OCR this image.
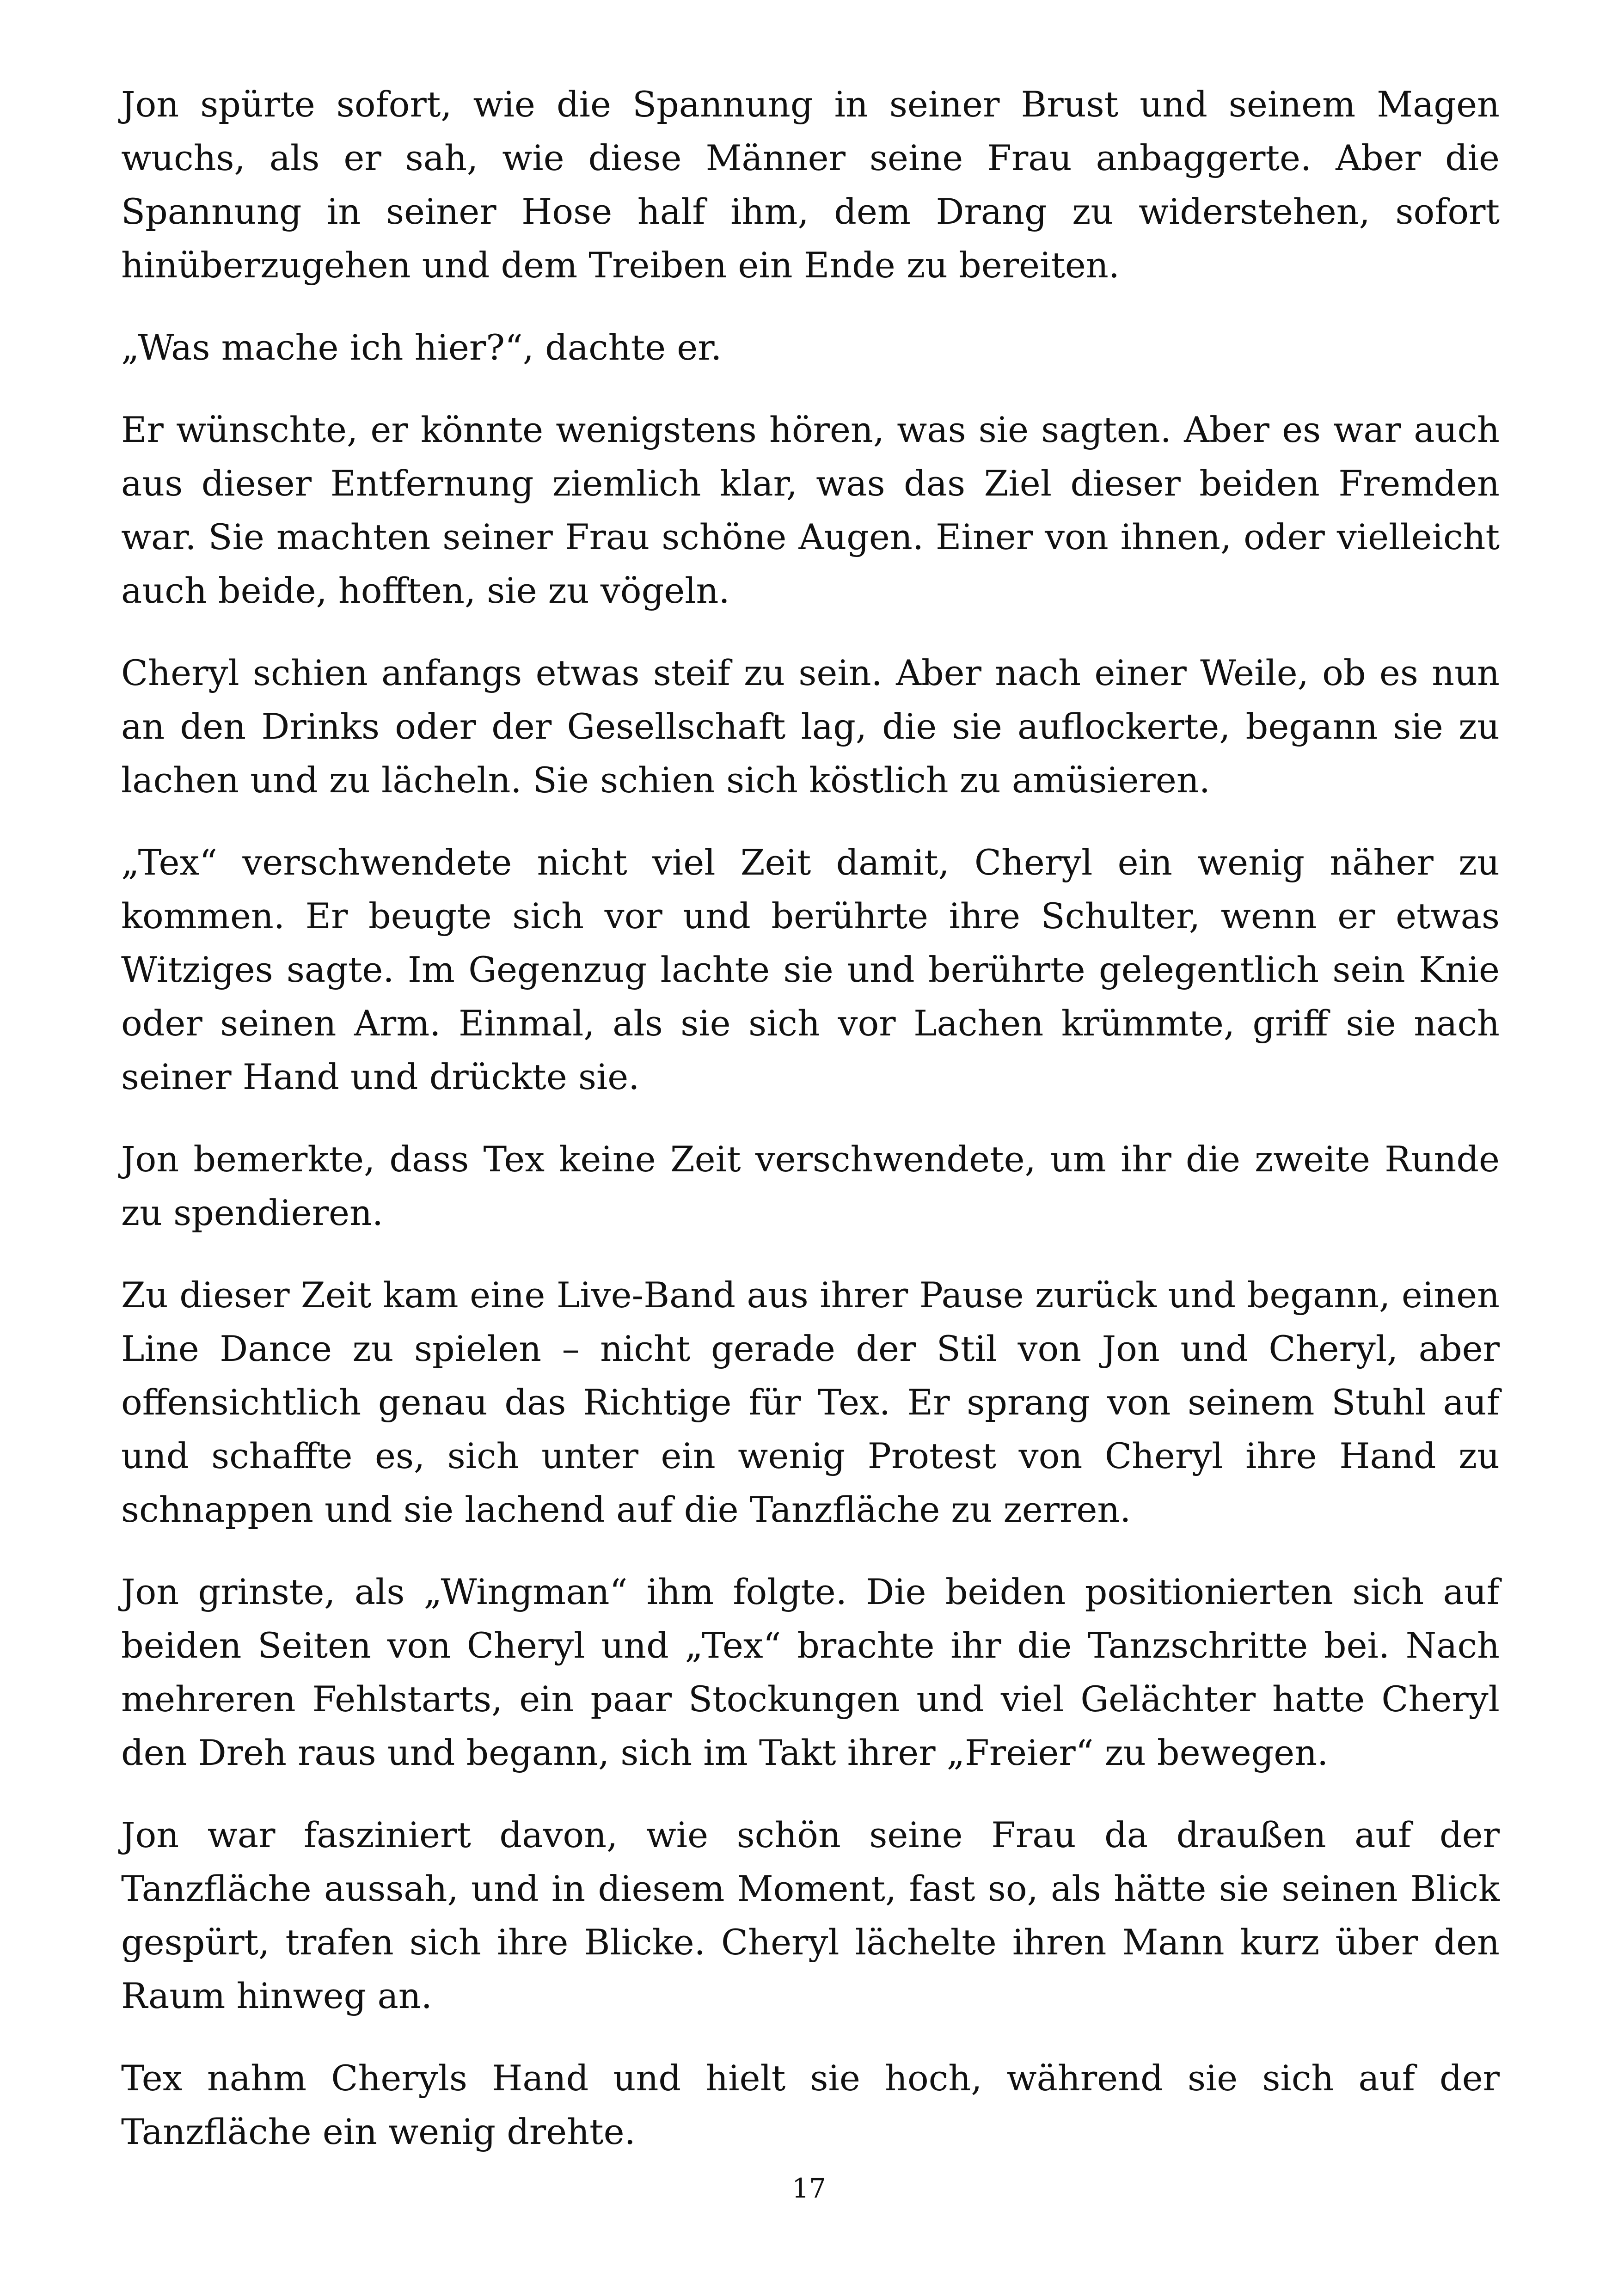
Jon spürte sofort, wie die Spannung in seiner Brust und seinem Magen wuchs, als er sah, wie diese Männer seine Frau anbaggerte. Aber die Spannung in seiner Hose half ihm, dem Drang zu widerstehen, sofort hinüberzugehen und dem Treiben ein Ende zu bereiten.

„Was mache ich hier?“, dachte er.

Er wünschte, er könnte wenigstens hören, was sie sagten. Aber es war auch aus dieser Entfernung ziemlich klar, was das Ziel dieser beiden Fremden war. Sie machten seiner Frau schöne Augen. Einer von ihnen, oder vielleicht auch beide, hofften, sie zu vögeln.

Cheryl schien anfangs etwas steif zu sein. Aber nach einer Weile, ob es nun an den Drinks oder der Gesellschaft lag, die sie auflockerte, begann sie zu lachen und zu lächeln. Sie schien sich köstlich zu amüsieren.

„Tex“ verschwendete nicht viel Zeit damit, Cheryl ein wenig näher zu kommen. Er beugte sich vor und berührte ihre Schulter, wenn er etwas Witziges sagte. Im Gegenzug lachte sie und berührte gelegentlich sein Knie oder seinen Arm. Einmal, als sie sich vor Lachen krümmte, griff sie nach seiner Hand und drückte sie.

Jon bemerkte, dass Tex keine Zeit verschwendete, um ihr die zweite Runde zu spendieren.

Zu dieser Zeit kam eine Live-Band aus ihrer Pause zurück und begann, einen Line Dance zu spielen – nicht gerade der Stil von Jon und Cheryl, aber offensichtlich genau das Richtige für Tex. Er sprang von seinem Stuhl auf und schaffte es, sich unter ein wenig Protest von Cheryl ihre Hand zu schnappen und sie lachend auf die Tanzfläche zu zerren.

Jon grinste, als „Wingman“ ihm folgte. Die beiden positionierten sich auf beiden Seiten von Cheryl und „Tex“ brachte ihr die Tanzschritte bei. Nach mehreren Fehlstarts, ein paar Stockungen und viel Gelächter hatte Cheryl den Dreh raus und begann, sich im Takt ihrer „Freier“ zu bewegen.

Jon war fasziniert davon, wie schön seine Frau da draußen auf der Tanzfläche aussah, und in diesem Moment, fast so, als hätte sie seinen Blick gespürt, trafen sich ihre Blicke. Cheryl lächelte ihren Mann kurz über den Raum hinweg an.

Tex nahm Cheryls Hand und hielt sie hoch, während sie sich auf der Tanzfläche ein wenig drehte.

17
